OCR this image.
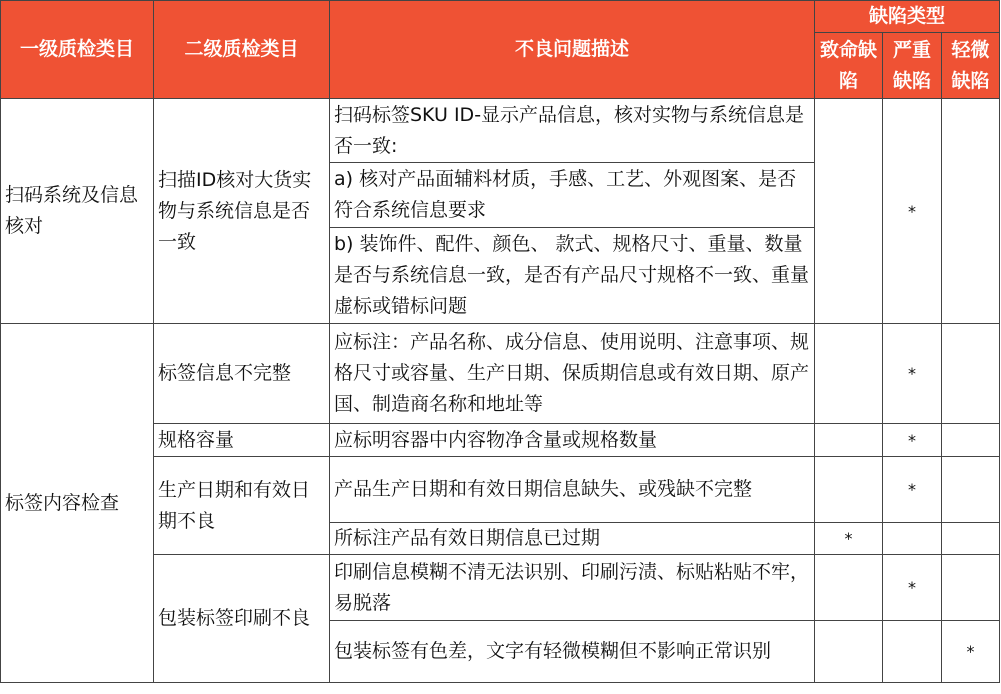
一级质检类目	二级质检类目	不良问题描述	缺陷类型		
			致命缺陷	严重缺陷	轻微缺陷

扫码系统及信息核对	扫描ID核对大货实物与系统信息是否一致	扫码标签SKU ID-显示产品信息，核对实物与系统信息是否一致:		*	
		a) 核对产品面辅料材质，手感、工艺、外观图案、是否符合系统信息要求			
		b) 装饰件、配件、颜色、 款式、规格尺寸、重量、数量是否与系统信息一致，是否有产品尺寸规格不一致、重量虚标或错标问题			
标签内容检查	标签信息不完整	应标注：产品名称、成分信息、使用说明、注意事项、规格尺寸或容量、生产日期、保质期信息或有效日期、原产国、制造商名称和地址等		*	
	规格容量	应标明容器中内容物净含量或规格数量		*	
	生产日期和有效日期不良	产品生产日期和有效日期信息缺失、或残缺不完整		*	
		所标注产品有效日期信息已过期	*		
	包装标签印刷不良	印刷信息模糊不清无法识别、印刷污渍、标贴粘贴不牢，易脱落		*	
		包装标签有色差，文字有轻微模糊但不影响正常识别			*
